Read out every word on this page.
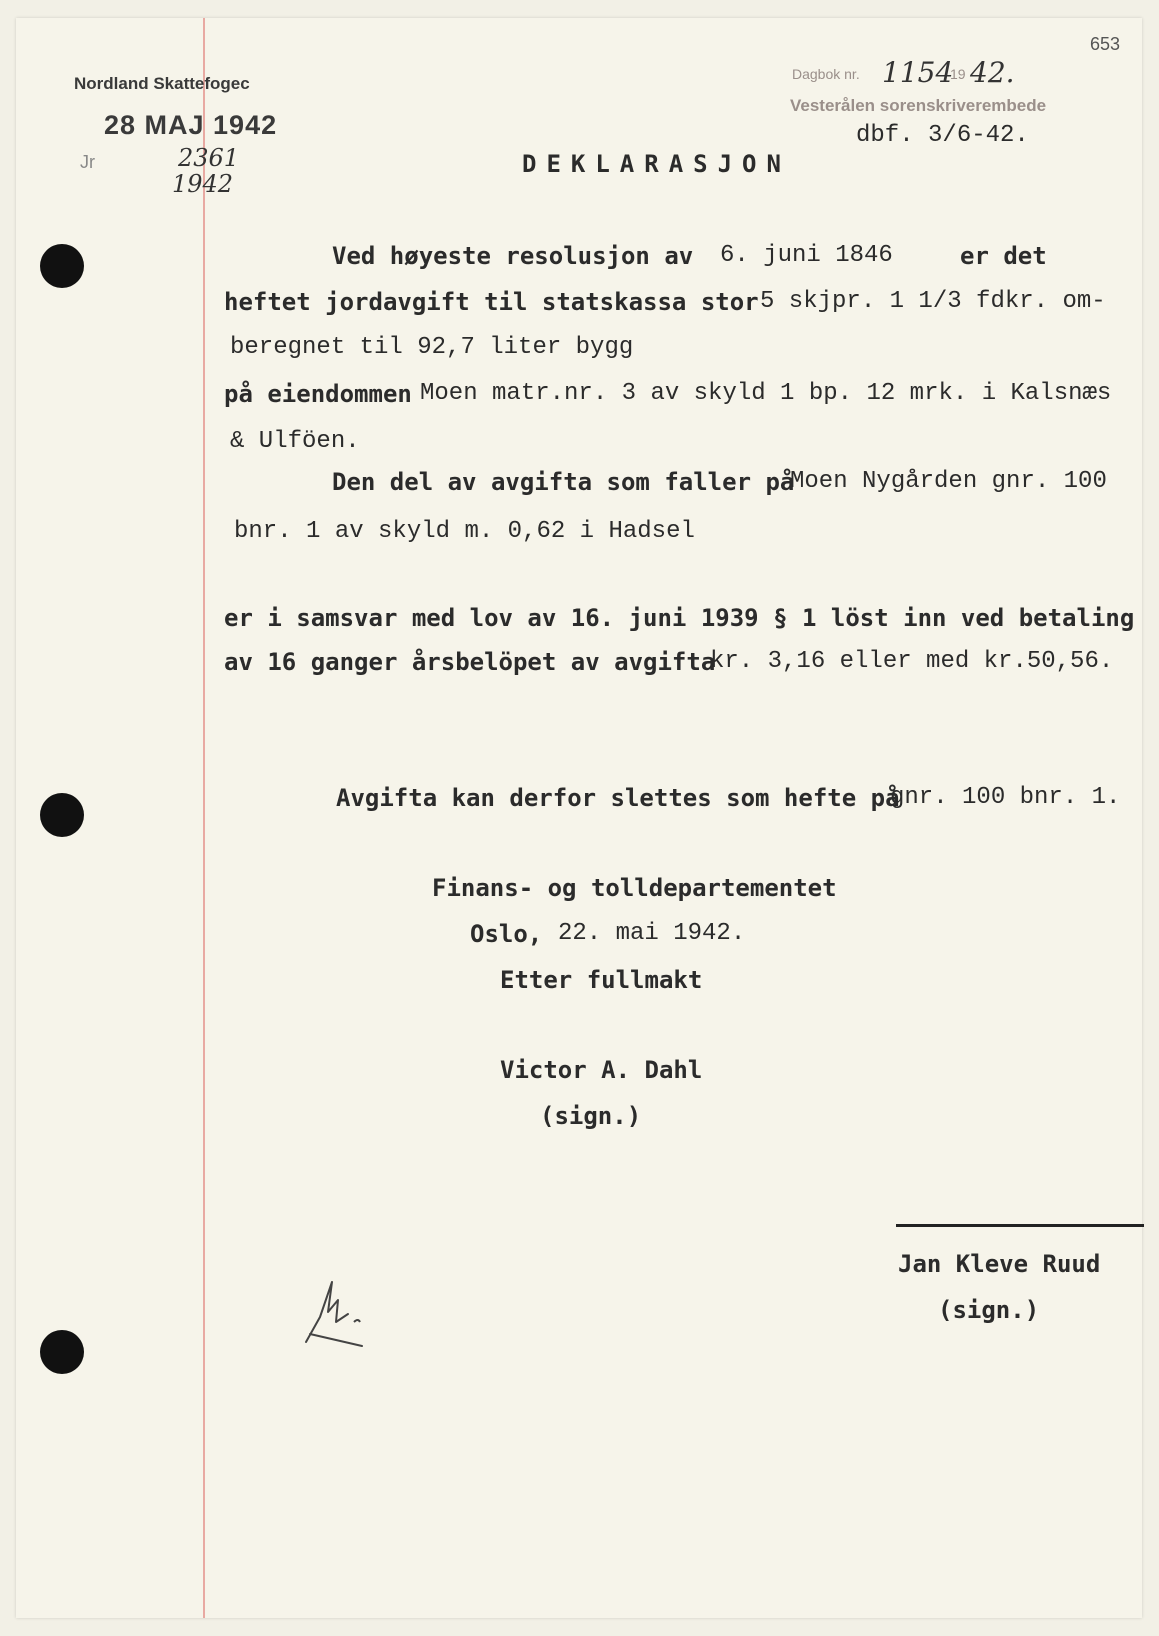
653
Nordland Skattefogec
28 MAJ 1942
Jr	2361
1942
Dagbok nr. 1154
19 42.
Vesterålen sorenskriverembede
dbf. 3/6-42.
DEKLARASJON
Ved høyeste resolusjon av 6. juni 1846	er det
heftet jordavgift til statskassa stor 5 skjpr. 1 1/3 fdkr. om-
beregnet til 92,7 liter bygg
på eiendommen Moen matr.nr. 3 av skyld 1 bp. 12 mrk. i Kalsnæs
& Ulföen.
Den del av avgifta som faller på
Moen Nygården gnr. 100
bnr. 1 av skyld m. 0,62 i Hadsel
er i samsvar med lov av 16. juni 1939 § 1 löst inn ved betaling
av 16 ganger årsbelöpet av avgifta
kr. 3,16 eller med kr.50,56.
Avgifta kan derfor slettes som hefte på
gnr. 100 bnr. 1.
Finans- og tolldepartementet
Oslo, 22. mai 1942.
Etter fullmakt
Victor A. Dahl
(sign.)
Jan Kleve Ruud
(sign.)
